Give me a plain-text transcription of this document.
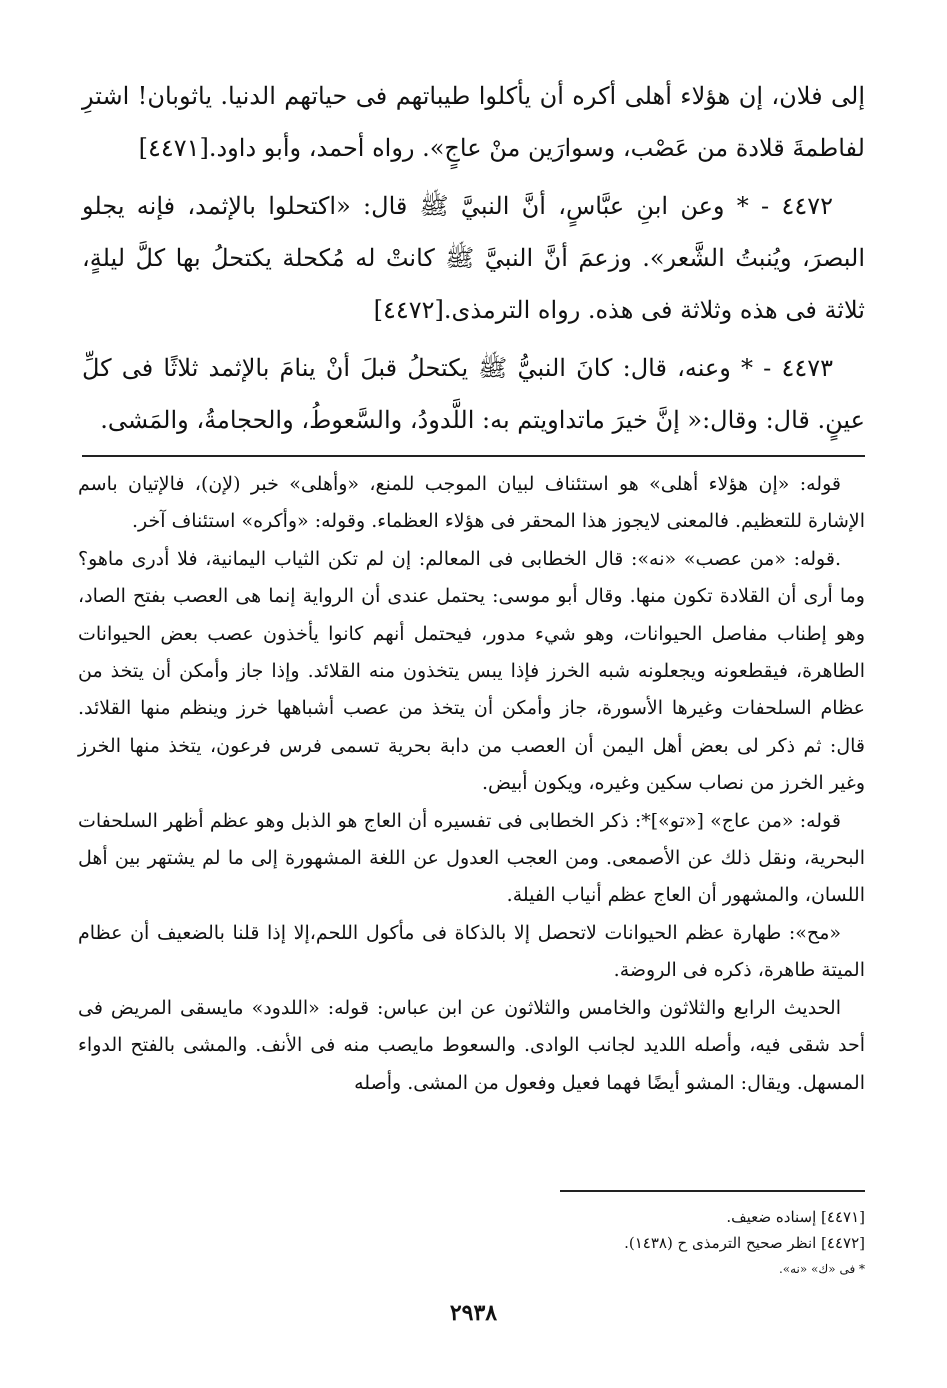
إلى فلان، إن هؤلاء أهلى أكره أن يأكلوا طيباتهم فى حياتهم الدنيا. ياثوبان! اشترِ لفاطمةَ قلادة من عَصْب، وسوارَين منْ عاجٍ». رواه أحمد، وأبو داود.[٤٤٧١]

٤٤٧٢ - * وعن ابنِ عبَّاسٍ، أنَّ النبيَّ ﷺ قال: «اكتحلوا بالإثمد، فإنه يجلو البصرَ، ويُنبتُ الشَّعر». وزعمَ أنَّ النبيَّ ﷺ كانتْ له مُكحلة يكتحلُ بها كلَّ ليلةٍ، ثلاثة فى هذه وثلاثة فى هذه. رواه الترمذى.[٤٤٧٢]

٤٤٧٣ - * وعنه، قال: كانَ النبيُّ ﷺ يكتحلُ قبلَ أنْ ينامَ بالإثمد ثلاثًا فى كلِّ عينٍ. قال: وقال:« إنَّ خيرَ ماتداويتم به: اللَّدودُ، والسَّعوطُ، والحجامةُ، والمَشى.

قوله: «إن هؤلاء أهلى» هو استئناف لبيان الموجب للمنع، «وأهلى» خبر (لإن)، فالإتيان باسم الإشارة للتعظيم. فالمعنى لايجوز هذا المحقر فى هؤلاء العظماء. وقوله: «وأكره» استئناف آخر.

.قوله: «من عصب» «نه»: قال الخطابى فى المعالم: إن لم تكن الثياب اليمانية، فلا أدرى ماهو؟ وما أرى أن القلادة تكون منها. وقال أبو موسى: يحتمل عندى أن الرواية إنما هى العصب بفتح الصاد، وهو إطناب مفاصل الحيوانات، وهو شيء مدور، فيحتمل أنهم كانوا يأخذون عصب بعض الحيوانات الطاهرة، فيقطعونه ويجعلونه شبه الخرز فإذا يبس يتخذون منه القلائد. وإذا جاز وأمكن أن يتخذ من عظام السلحفات وغيرها الأسورة، جاز وأمكن أن يتخذ من عصب أشباهها خرز وينظم منها القلائد. قال: ثم ذكر لى بعض أهل اليمن أن العصب من دابة بحرية تسمى فرس فرعون، يتخذ منها الخرز وغير الخرز من نصاب سكين وغيره، ويكون أبيض.

قوله: «من عاج» [«تو»]*: ذكر الخطابى فى تفسيره أن العاج هو الذبل وهو عظم أظهر السلحفات البحرية، ونقل ذلك عن الأصمعى. ومن العجب العدول عن اللغة المشهورة إلى ما لم يشتهر بين أهل اللسان، والمشهور أن العاج عظم أنياب الفيلة.

«مح»: طهارة عظم الحيوانات لاتحصل إلا بالذكاة فى مأكول اللحم،إلا إذا قلنا بالضعيف أن عظام الميتة طاهرة، ذكره فى الروضة.

الحديث الرابع والثلاثون والخامس والثلاثون عن ابن عباس: قوله: «اللدود» مايسقى المريض فى أحد شقى فيه، وأصله اللديد لجانب الوادى. والسعوط مايصب منه فى الأنف. والمشى بالفتح الدواء المسهل. ويقال: المشو أيضًا فهما فعيل وفعول من المشى. وأصله

[٤٤٧١] إسناده ضعيف.

[٤٤٧٢] انظر صحيح الترمذى ح (١٤٣٨).

* فى «ك» «نه».

٢٩٣٨
